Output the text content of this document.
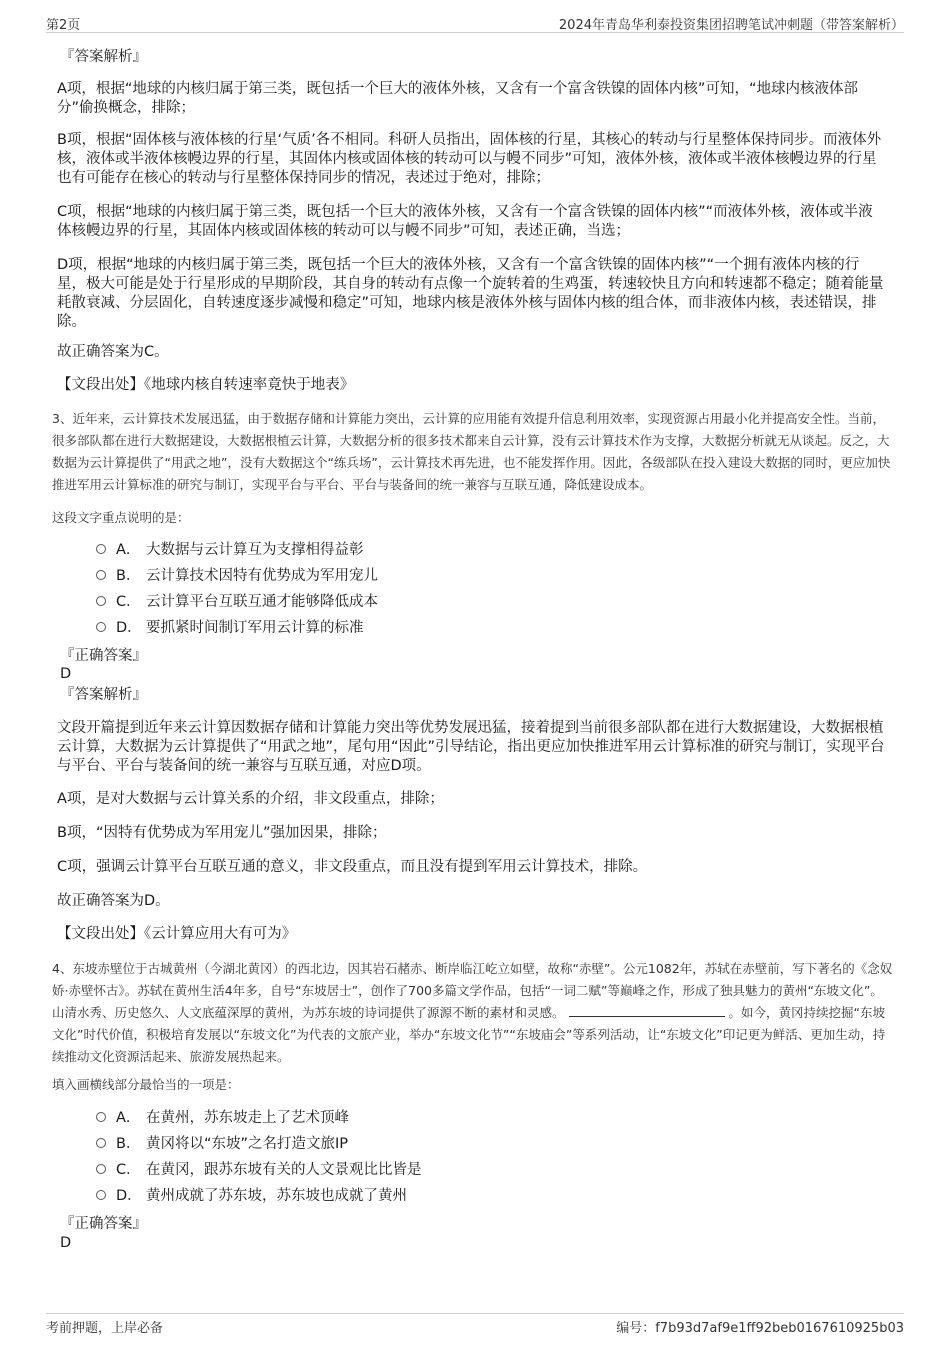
第2页	2024年青岛华利泰投资集团招聘笔试冲刺题（带答案解析）
『答案解析』
A项，根据“地球的内核归属于第三类，既包括一个巨大的液体外核，又含有一个富含铁镍的固体内核”可知，“地球内核液体部分”偷换概念，排除；
B项，根据“固体核与液体核的行星‘气质’各不相同。科研人员指出，固体核的行星，其核心的转动与行星整体保持同步。而液体外核，液体或半液体核幔边界的行星，其固体内核或固体核的转动可以与幔不同步”可知，液体外核，液体或半液体核幔边界的行星也有可能存在核心的转动与行星整体保持同步的情况，表述过于绝对，排除；
C项，根据“地球的内核归属于第三类，既包括一个巨大的液体外核，又含有一个富含铁镍的固体内核”“而液体外核，液体或半液体核幔边界的行星，其固体内核或固体核的转动可以与幔不同步”可知，表述正确，当选；
D项，根据“地球的内核归属于第三类，既包括一个巨大的液体外核，又含有一个富含铁镍的固体内核”“一个拥有液体内核的行星，极大可能是处于行星形成的早期阶段，其自身的转动有点像一个旋转着的生鸡蛋，转速较快且方向和转速都不稳定；随着能量耗散衰减、分层固化，自转速度逐步减慢和稳定”可知，地球内核是液体外核与固体内核的组合体，而非液体内核，表述错误，排除。
故正确答案为C。
【文段出处】《地球内核自转速率竟快于地表》
3、近年来，云计算技术发展迅猛，由于数据存储和计算能力突出，云计算的应用能有效提升信息利用效率，实现资源占用最小化并提高安全性。当前，很多部队都在进行大数据建设，大数据根植云计算，大数据分析的很多技术都来自云计算，没有云计算技术作为支撑，大数据分析就无从谈起。反之，大数据为云计算提供了“用武之地”，没有大数据这个“练兵场”，云计算技术再先进，也不能发挥作用。因此，各级部队在投入建设大数据的同时，更应加快推进军用云计算标准的研究与制订，实现平台与平台、平台与装备间的统一兼容与互联互通，降低建设成本。
这段文字重点说明的是：
A． 大数据与云计算互为支撑相得益彰
B． 云计算技术因特有优势成为军用宠儿
C． 云计算平台互联互通才能够降低成本
D． 要抓紧时间制订军用云计算的标准
『正确答案』
D
『答案解析』
文段开篇提到近年来云计算因数据存储和计算能力突出等优势发展迅猛，接着提到当前很多部队都在进行大数据建设，大数据根植云计算，大数据为云计算提供了“用武之地”，尾句用“因此”引导结论，指出更应加快推进军用云计算标准的研究与制订，实现平台与平台、平台与装备间的统一兼容与互联互通，对应D项。
A项，是对大数据与云计算关系的介绍，非文段重点，排除；
B项，“因特有优势成为军用宠儿”强加因果，排除；
C项，强调云计算平台互联互通的意义，非文段重点，而且没有提到军用云计算技术，排除。
故正确答案为D。
【文段出处】《云计算应用大有可为》
4、东坡赤壁位于古城黄州（今湖北黄冈）的西北边，因其岩石赭赤、断岸临江屹立如壁，故称“赤壁”。公元1082年，苏轼在赤壁前，写下著名的《念奴娇·赤壁怀古》。苏轼在黄州生活4年多，自号“东坡居士”，创作了700多篇文学作品，包括“一词二赋”等巅峰之作，形成了独具魅力的黄州“东坡文化”。山清水秀、历史悠久、人文底蕴深厚的黄州，为苏东坡的诗词提供了源源不断的素材和灵感。	。如今，黄冈持续挖掘“东坡文化”时代价值，积极培育发展以“东坡文化”为代表的文旅产业，举办“东坡文化节”“东坡庙会”等系列活动，让“东坡文化”印记更为鲜活、更加生动，持续推动文化资源活起来、旅游发展热起来。
填入画横线部分最恰当的一项是：
A． 在黄州，苏东坡走上了艺术顶峰
B． 黄冈将以“东坡”之名打造文旅IP
C． 在黄冈，跟苏东坡有关的人文景观比比皆是
D． 黄州成就了苏东坡，苏东坡也成就了黄州
『正确答案』
D
考前押题，上岸必备	编号：f7b93d7af9e1ff92beb0167610925b03
